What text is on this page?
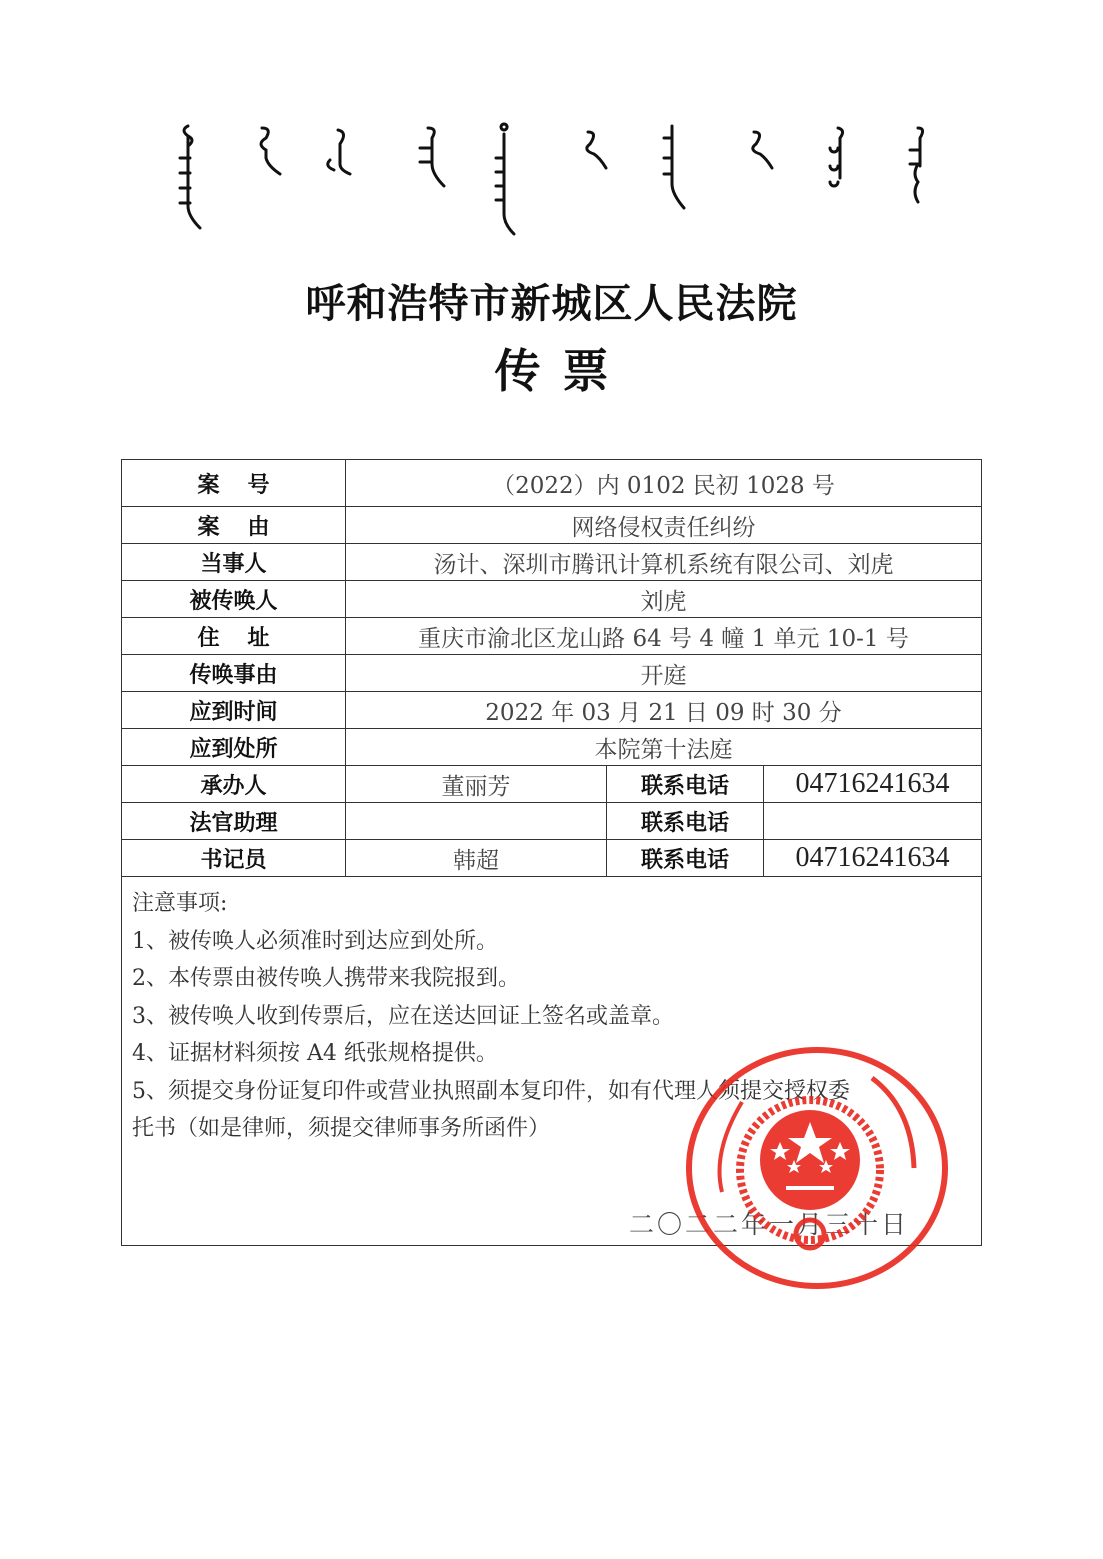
呼和浩特市新城区人民法院
传票
案号	（2022）内 0102 民初 1028 号		
案由	网络侵权责任纠纷		
当事人	汤计、深圳市腾讯计算机系统有限公司、刘虎		
被传唤人	刘虎		
住址	重庆市渝北区龙山路 64 号 4 幢 1 单元 10-1 号		
传唤事由	开庭		
应到时间	2022 年 03 月 21 日 09 时 30 分		
应到处所	本院第十法庭		
承办人	董丽芳	联系电话	04716241634
法官助理		联系电话	
书记员	韩超	联系电话	04716241634

注意事项:
1、被传唤人必须准时到达应到处所。
2、本传票由被传唤人携带来我院报到。
3、被传唤人收到传票后，应在送达回证上签名或盖章。
4、证据材料须按 A4 纸张规格提供。
5、须提交身份证复印件或营业执照副本复印件，如有代理人须提交授权委
托书（如是律师，须提交律师事务所函件）
二〇二二年一月三十日
